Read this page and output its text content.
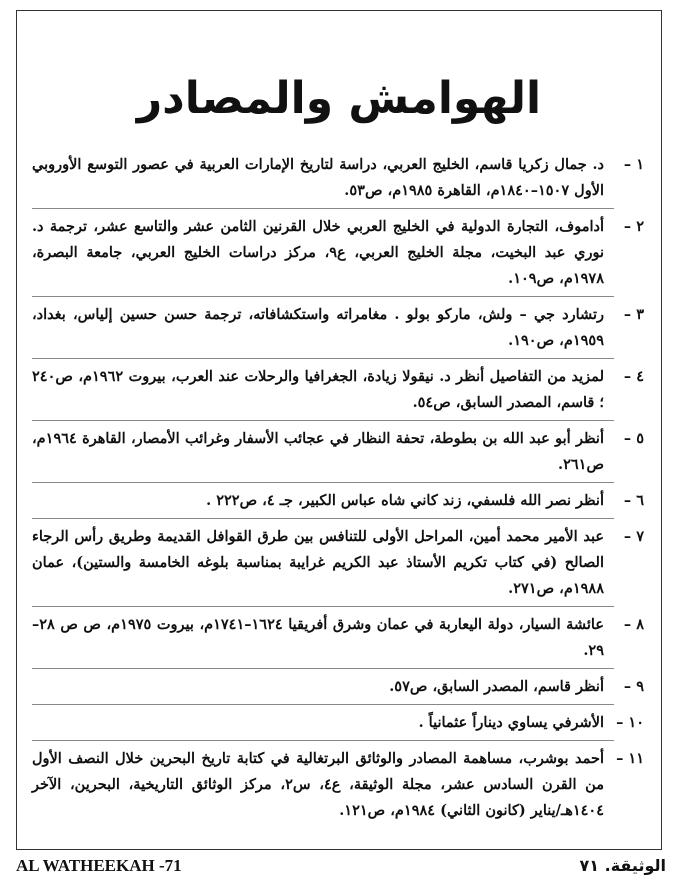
الهوامش والمصادر
١ –
د. جمال زكريا قاسم، الخليج العربي، دراسة لتاريخ الإمارات العربية في عصور التوسع الأوروبي الأول ١٥٠٧–١٨٤٠م، القاهرة ١٩٨٥م، ص٥٣.
٢ –
أداموف، التجارة الدولية في الخليج العربي خلال القرنين الثامن عشر والتاسع عشر، ترجمة د. نوري عبد البخيت، مجلة الخليج العربي، ع٩، مركز دراسات الخليج العربي، جامعة البصرة، ١٩٧٨م، ص١٠٩.
٣ –
رتشارد جي – ولش، ماركو بولو . مغامراته واستكشافاته، ترجمة حسن حسين إلياس، بغداد، ١٩٥٩م، ص١٩٠.
٤ –
لمزيد من التفاصيل أنظر د. نيقولا زيادة، الجغرافيا والرحلات عند العرب، بيروت ١٩٦٢م، ص٢٤٠ ؛ قاسم، المصدر السابق، ص٥٤.
٥ –
أنظر أبو عبد الله بن بطوطة، تحفة النظار في عجائب الأسفار وغرائب الأمصار، القاهرة ١٩٦٤م، ص٢٦١.
٦ –
أنظر نصر الله فلسفي، زند كاني شاه عباس الكبير، جـ ٤، ص٢٢٢ .
٧ –
عبد الأمير محمد أمين، المراحل الأولى للتنافس بين طرق القوافل القديمة وطريق رأس الرجاء الصالح (في كتاب تكريم الأستاذ عبد الكريم غرايبة بمناسبة بلوغه الخامسة والستين)، عمان ١٩٨٨م، ص٢٧١.
٨ –
عائشة السيار، دولة اليعاربة في عمان وشرق أفريقيا ١٦٢٤–١٧٤١م، بيروت ١٩٧٥م، ص ص ٢٨–٢٩.
٩ –
أنظر قاسم، المصدر السابق، ص٥٧.
١٠ –
الأشرفي يساوي ديناراً عثمانياً .
١١ –
أحمد بوشرب، مساهمة المصادر والوثائق البرتغالية في كتابة تاريخ البحرين خلال النصف الأول من القرن السادس عشر، مجلة الوثيقة، ع٤، س٢، مركز الوثائق التاريخية، البحرين، الآخر ١٤٠٤هـ/يناير (كانون الثاني) ١٩٨٤م، ص١٢١.
AL WATHEEKAH -71	الوثيقة. ٧١
